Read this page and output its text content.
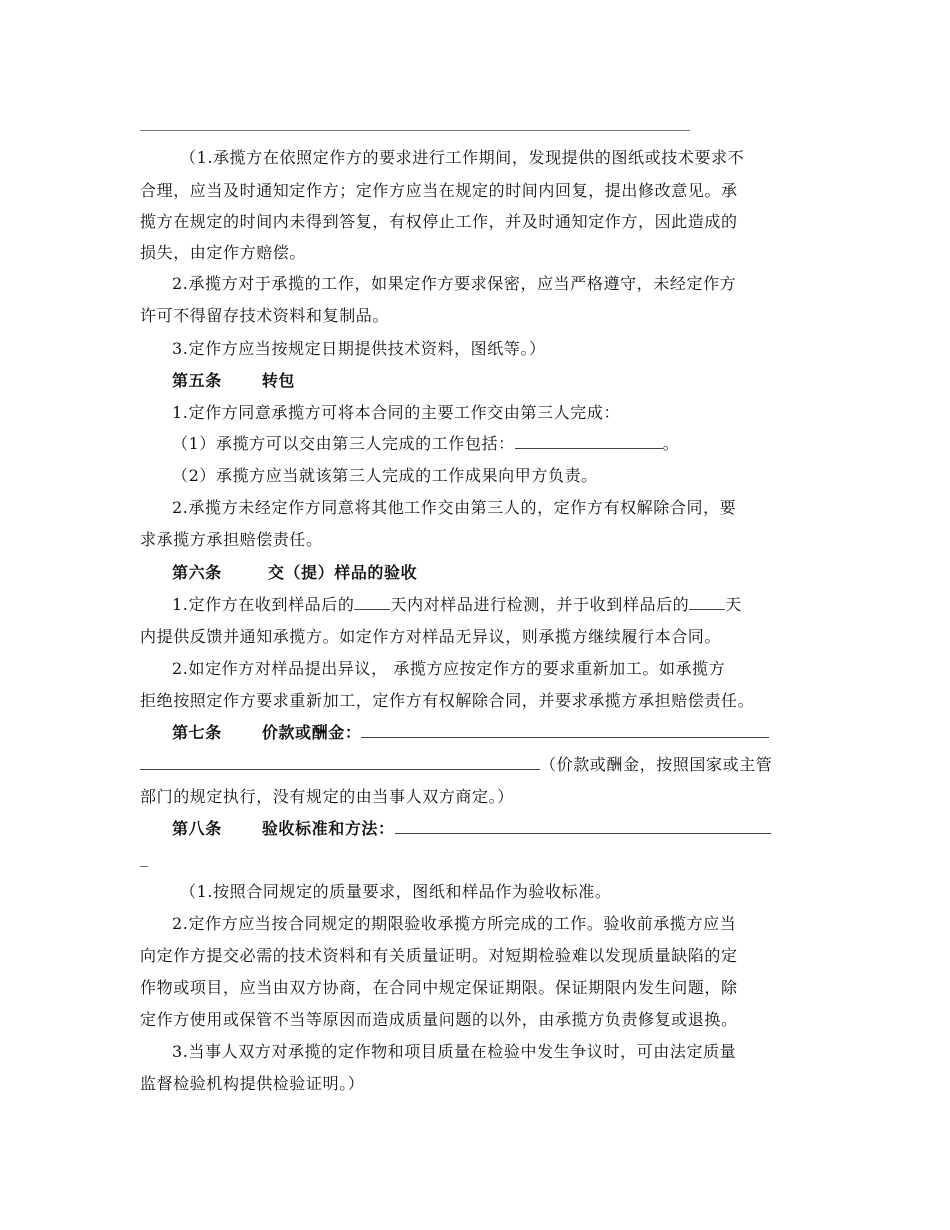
（1.承揽方在依照定作方的要求进行工作期间，发现提供的图纸或技术要求不
合理，应当及时通知定作方；定作方应当在规定的时间内回复，提出修改意见。承
揽方在规定的时间内未得到答复，有权停止工作，并及时通知定作方，因此造成的
损失，由定作方赔偿。
2.承揽方对于承揽的工作，如果定作方要求保密，应当严格遵守，未经定作方
许可不得留存技术资料和复制品。
3.定作方应当按规定日期提供技术资料，图纸等。）
第五条	转包
1.定作方同意承揽方可将本合同的主要工作交由第三人完成：
（1）承揽方可以交由第三人完成的工作包括：	。
（2）承揽方应当就该第三人完成的工作成果向甲方负责。
2.承揽方未经定作方同意将其他工作交由第三人的，定作方有权解除合同，要
求承揽方承担赔偿责任。
第六条	交（提）样品的验收
1.定作方在收到样品后的 天内对样品进行检测，并于收到样品后的 天
内提供反馈并通知承揽方。如定作方对样品无异议，则承揽方继续履行本合同。
2.如定作方对样品提出异议， 承揽方应按定作方的要求重新加工。如承揽方
拒绝按照定作方要求重新加工，定作方有权解除合同，并要求承揽方承担赔偿责任。
第七条	价款或酬金：
（价款或酬金，按照国家或主管
部门的规定执行，没有规定的由当事人双方商定。）
第八条	验收标准和方法：
_
（1.按照合同规定的质量要求，图纸和样品作为验收标准。
2.定作方应当按合同规定的期限验收承揽方所完成的工作。验收前承揽方应当
向定作方提交必需的技术资料和有关质量证明。对短期检验难以发现质量缺陷的定
作物或项目，应当由双方协商，在合同中规定保证期限。保证期限内发生问题，除
定作方使用或保管不当等原因而造成质量问题的以外，由承揽方负责修复或退换。
3.当事人双方对承揽的定作物和项目质量在检验中发生争议时，可由法定质量
监督检验机构提供检验证明。）
